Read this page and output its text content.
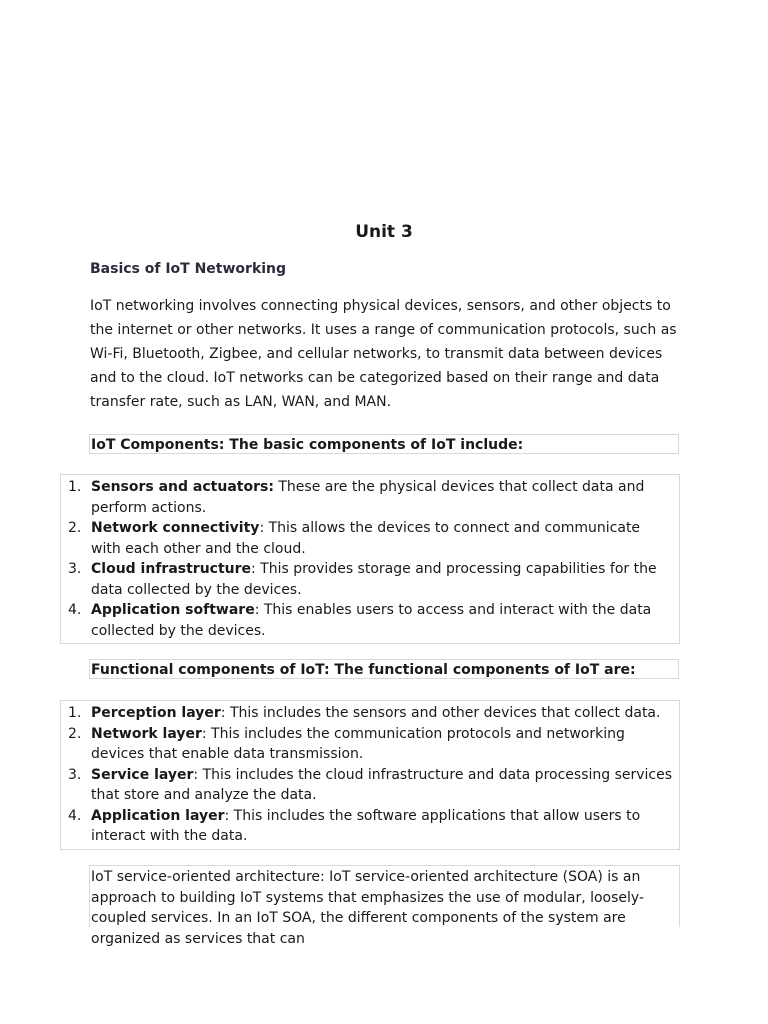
Unit 3
Basics of IoT Networking

IoT networking involves connecting physical devices, sensors, and other objects to the internet or other networks. It uses a range of communication protocols, such as Wi-Fi, Bluetooth, Zigbee, and cellular networks, to transmit data between devices and to the cloud. IoT networks can be categorized based on their range and data transfer rate, such as LAN, WAN, and MAN.

IoT Components: The basic components of IoT include:
1. Sensors and actuators: These are the physical devices that collect data and perform actions.
2. Network connectivity: This allows the devices to connect and communicate with each other and the cloud.
3. Cloud infrastructure: This provides storage and processing capabilities for the data collected by the devices.
4. Application software: This enables users to access and interact with the data collected by the devices.
Functional components of IoT: The functional components of IoT are:
1. Perception layer: This includes the sensors and other devices that collect data.
2. Network layer: This includes the communication protocols and networking devices that enable data transmission.
3. Service layer: This includes the cloud infrastructure and data processing services that store and analyze the data.
4. Application layer: This includes the software applications that allow users to interact with the data.
IoT service-oriented architecture: IoT service-oriented architecture (SOA) is an approach to building IoT systems that emphasizes the use of modular, loosely-coupled services. In an IoT SOA, the different components of the system are organized as services that can
